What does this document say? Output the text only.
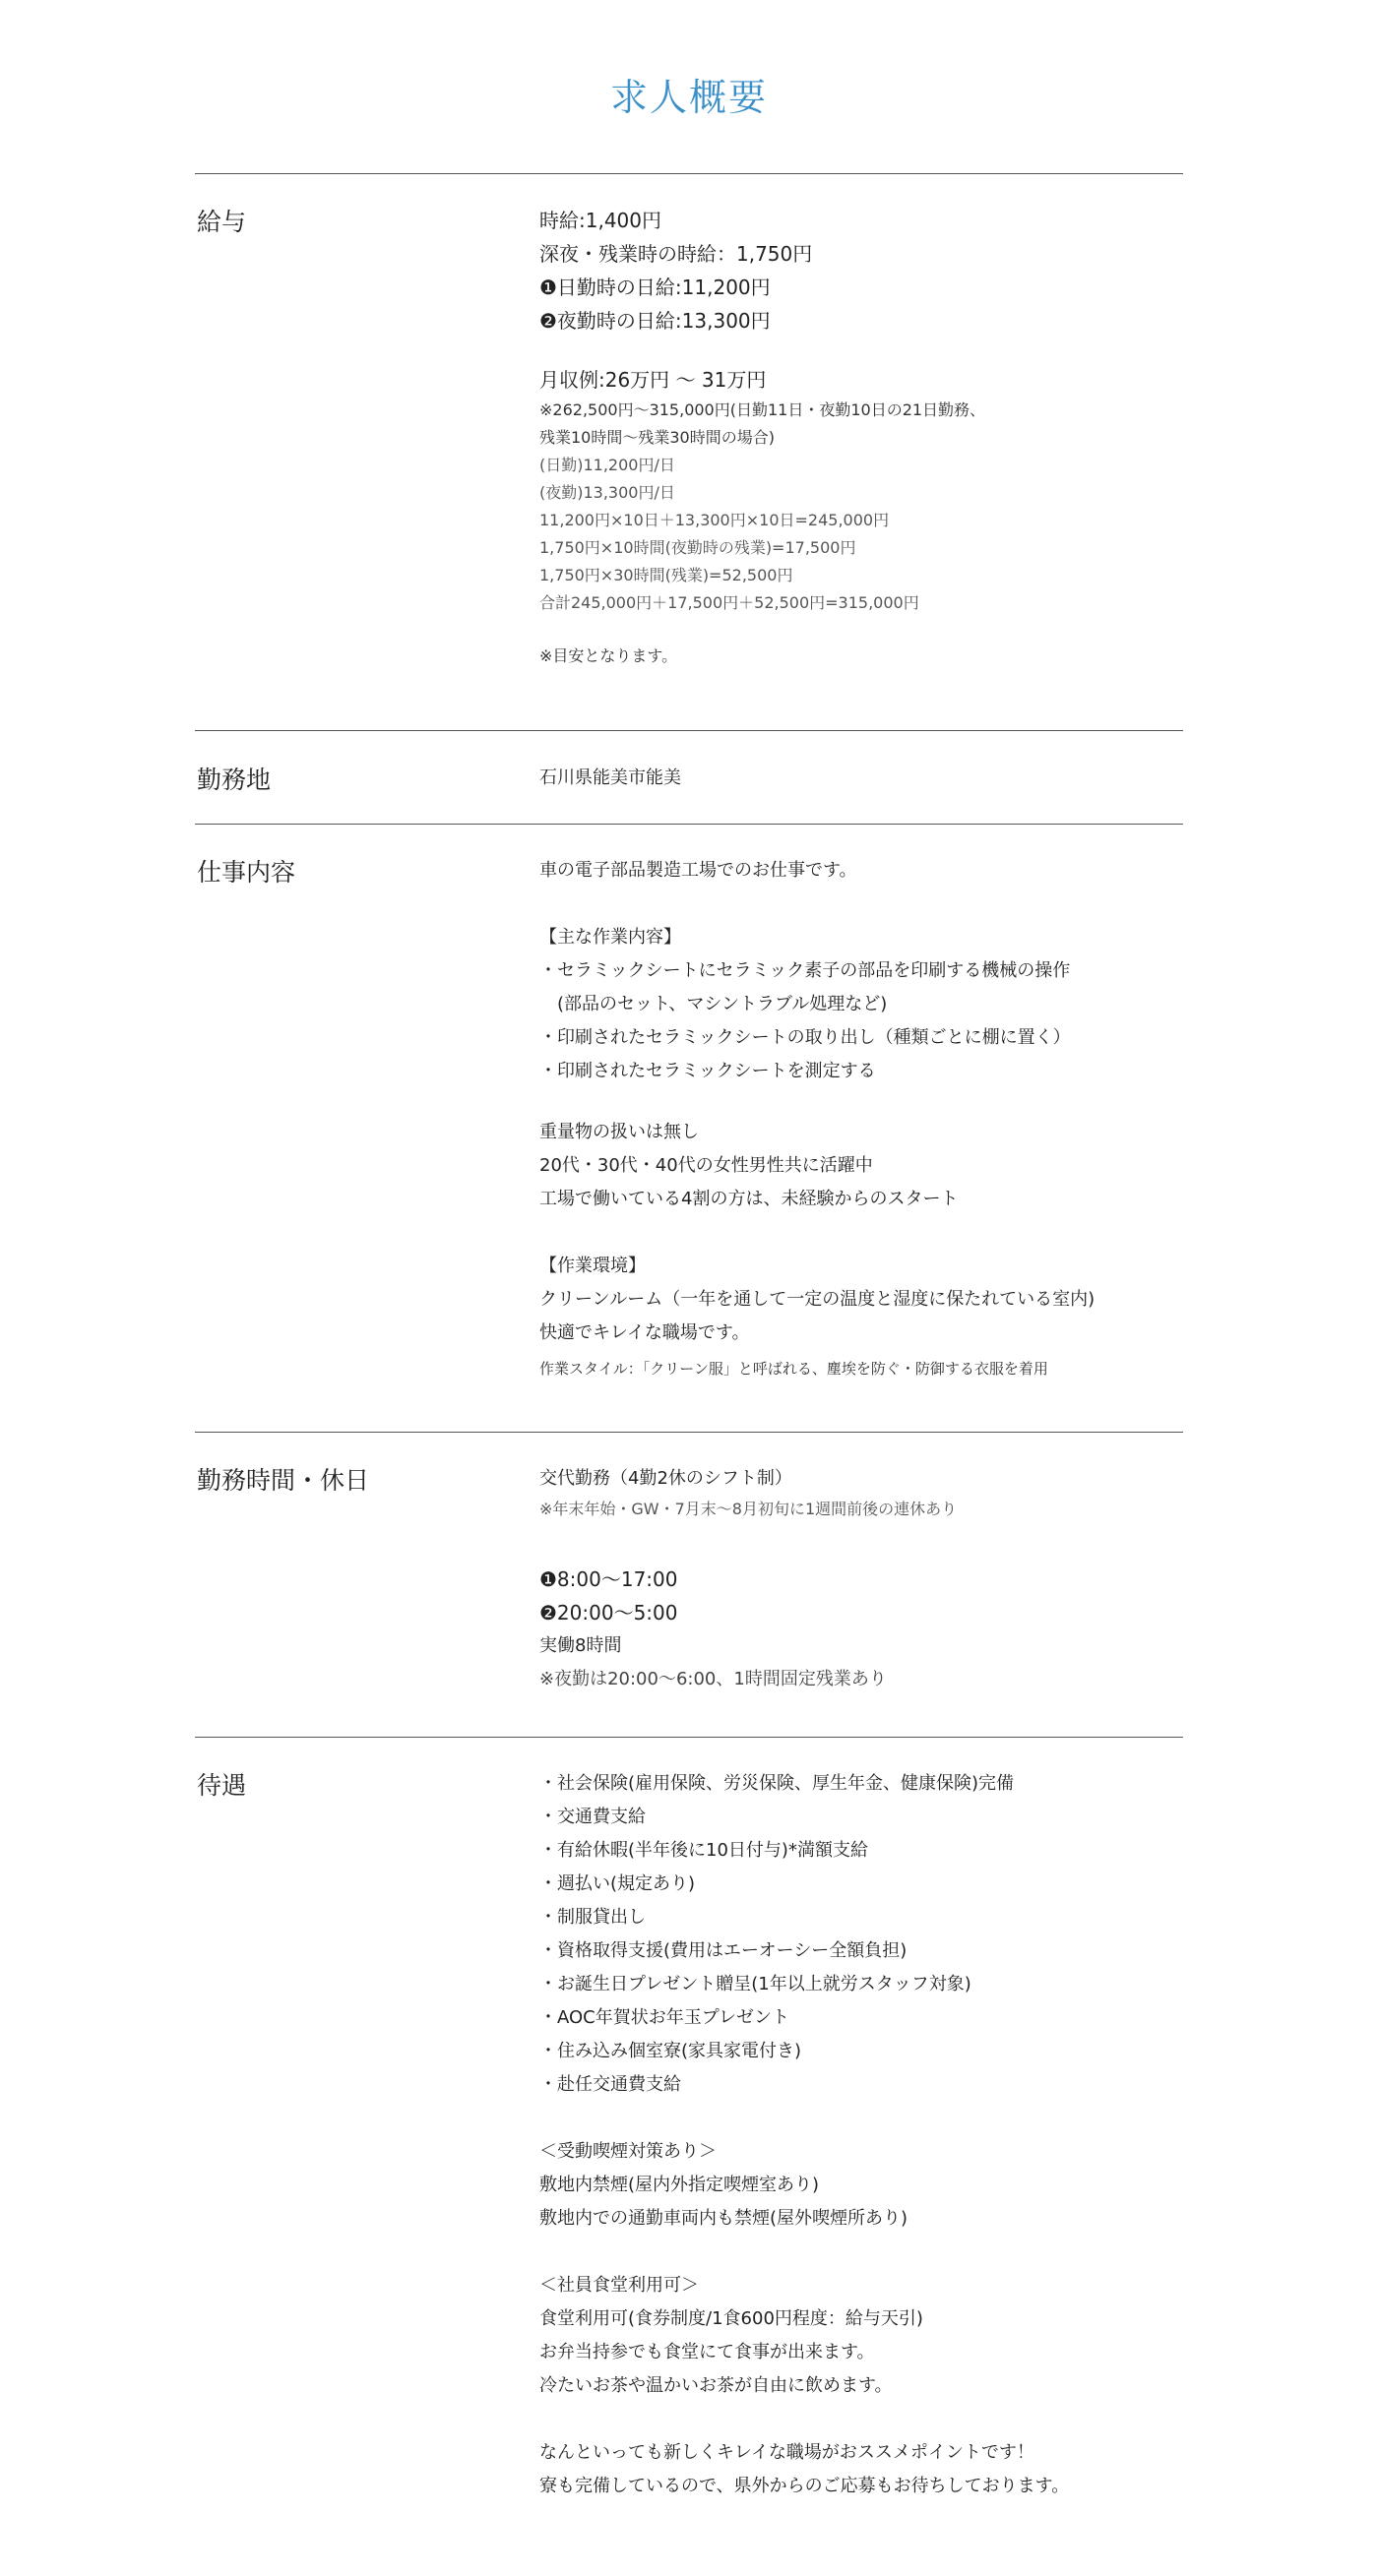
求人概要
給与	時給:1,400円
深夜・残業時の時給：1,750円
❶日勤時の日給:11,200円
❷夜勤時の日給:13,300円
月収例:26万円 〜 31万円
※262,500円〜315,000円(日勤11日・夜勤10日の21日勤務、
残業10時間〜残業30時間の場合)
(日勤)11,200円/日
(夜勤)13,300円/日
11,200円×10日＋13,300円×10日=245,000円
1,750円×10時間(夜勤時の残業)=17,500円
1,750円×30時間(残業)=52,500円
合計245,000円＋17,500円＋52,500円=315,000円
※目安となります。
勤務地	石川県能美市能美
仕事内容	車の電子部品製造工場でのお仕事です。
【主な作業内容】
・セラミックシートにセラミック素子の部品を印刷する機械の操作
　(部品のセット、マシントラブル処理など)
・印刷されたセラミックシートの取り出し（種類ごとに棚に置く）
・印刷されたセラミックシートを測定する
重量物の扱いは無し
20代・30代・40代の女性男性共に活躍中
工場で働いている4割の方は、未経験からのスタート
【作業環境】
クリーンルーム（一年を通して一定の温度と湿度に保たれている室内)
快適でキレイな職場です。
作業スタイル：「クリーン服」と呼ばれる、塵埃を防ぐ・防御する衣服を着用
勤務時間・休日	交代勤務（4勤2休のシフト制）
※年末年始・GW・7月末〜8月初旬に1週間前後の連休あり
❶8:00〜17:00
❷20:00〜5:00
実働8時間
※夜勤は20:00〜6:00、1時間固定残業あり
待遇	・社会保険(雇用保険、労災保険、厚生年金、健康保険)完備
・交通費支給
・有給休暇(半年後に10日付与)*満額支給
・週払い(規定あり)
・制服貸出し
・資格取得支援(費用はエーオーシー全額負担)
・お誕生日プレゼント贈呈(1年以上就労スタッフ対象)
・AOC年賀状お年玉プレゼント
・住み込み個室寮(家具家電付き)
・赴任交通費支給
＜受動喫煙対策あり＞
敷地内禁煙(屋内外指定喫煙室あり)
敷地内での通勤車両内も禁煙(屋外喫煙所あり)
＜社員食堂利用可＞
食堂利用可(食券制度/1食600円程度：給与天引)
お弁当持参でも食堂にて食事が出来ます。
冷たいお茶や温かいお茶が自由に飲めます。
なんといっても新しくキレイな職場がおススメポイントです！
寮も完備しているので、県外からのご応募もお待ちしております。
